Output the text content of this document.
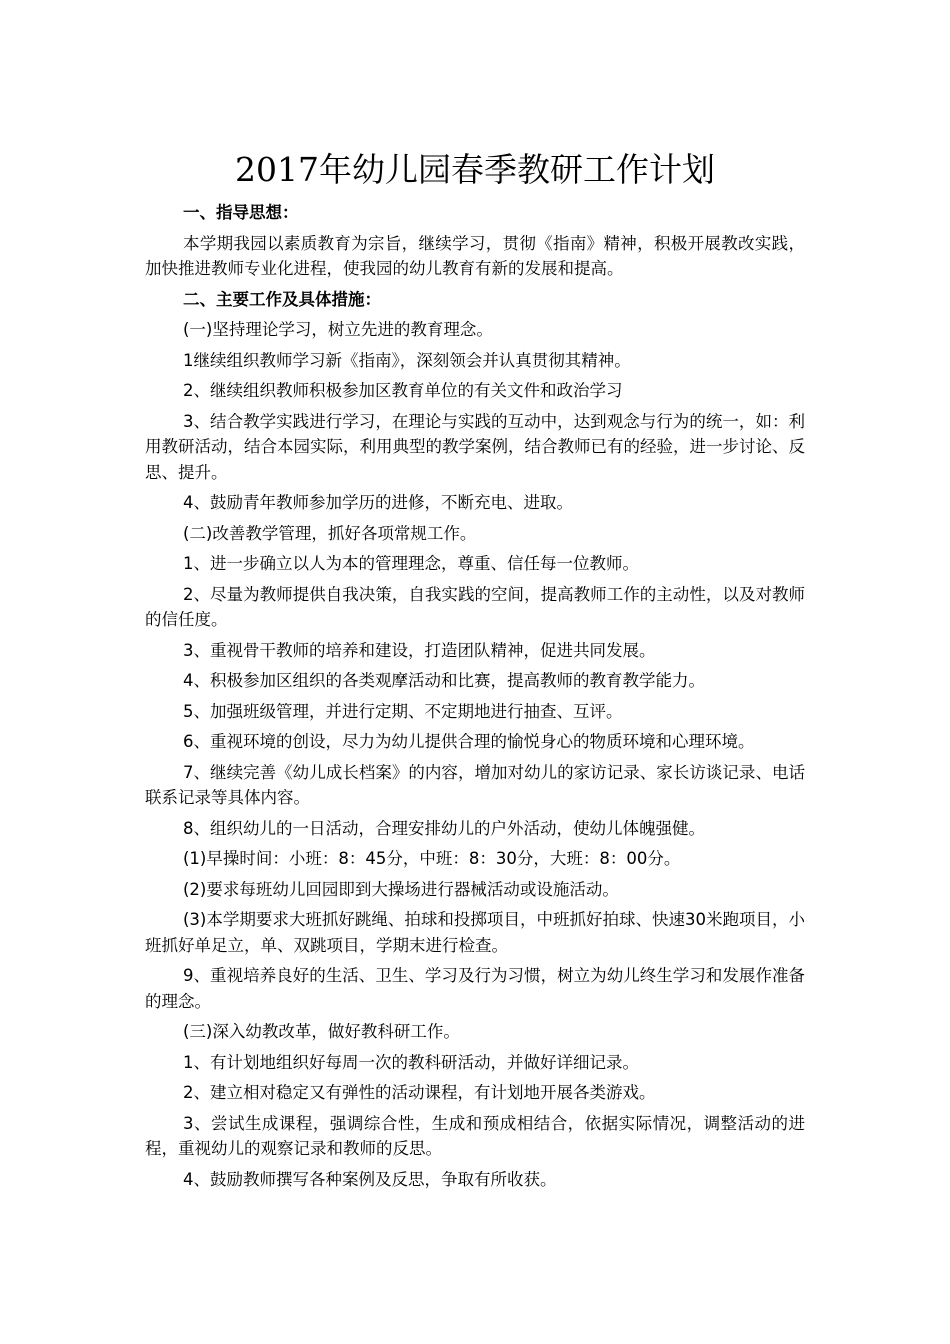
2017年幼儿园春季教研工作计划

一、指导思想：

本学期我园以素质教育为宗旨，继续学习，贯彻《指南》精神，积极开展教改实践，加快推进教师专业化进程，使我园的幼儿教育有新的发展和提高。

二、主要工作及具体措施：

(一)坚持理论学习，树立先进的教育理念。

1继续组织教师学习新《指南》，深刻领会并认真贯彻其精神。

2、继续组织教师积极参加区教育单位的有关文件和政治学习

3、结合教学实践进行学习，在理论与实践的互动中，达到观念与行为的统一，如：利用教研活动，结合本园实际，利用典型的教学案例，结合教师已有的经验，进一步讨论、反思、提升。

4、鼓励青年教师参加学历的进修，不断充电、进取。

(二)改善教学管理，抓好各项常规工作。

1、进一步确立以人为本的管理理念，尊重、信任每一位教师。

2、尽量为教师提供自我决策，自我实践的空间，提高教师工作的主动性，以及对教师的信任度。

3、重视骨干教师的培养和建设，打造团队精神，促进共同发展。

4、积极参加区组织的各类观摩活动和比赛，提高教师的教育教学能力。

5、加强班级管理，并进行定期、不定期地进行抽查、互评。

6、重视环境的创设，尽力为幼儿提供合理的愉悦身心的物质环境和心理环境。

7、继续完善《幼儿成长档案》的内容，增加对幼儿的家访记录、家长访谈记录、电话联系记录等具体内容。

8、组织幼儿的一日活动，合理安排幼儿的户外活动，使幼儿体魄强健。

(1)早操时间：小班：8：45分，中班：8：30分，大班：8：00分。

(2)要求每班幼儿回园即到大操场进行器械活动或设施活动。

(3)本学期要求大班抓好跳绳、拍球和投掷项目，中班抓好拍球、快速30米跑项目，小班抓好单足立，单、双跳项目，学期末进行检查。

9、重视培养良好的生活、卫生、学习及行为习惯，树立为幼儿终生学习和发展作准备的理念。

(三)深入幼教改革，做好教科研工作。

1、有计划地组织好每周一次的教科研活动，并做好详细记录。

2、建立相对稳定又有弹性的活动课程，有计划地开展各类游戏。

3、尝试生成课程，强调综合性，生成和预成相结合，依据实际情况，调整活动的进程，重视幼儿的观察记录和教师的反思。

4、鼓励教师撰写各种案例及反思，争取有所收获。
